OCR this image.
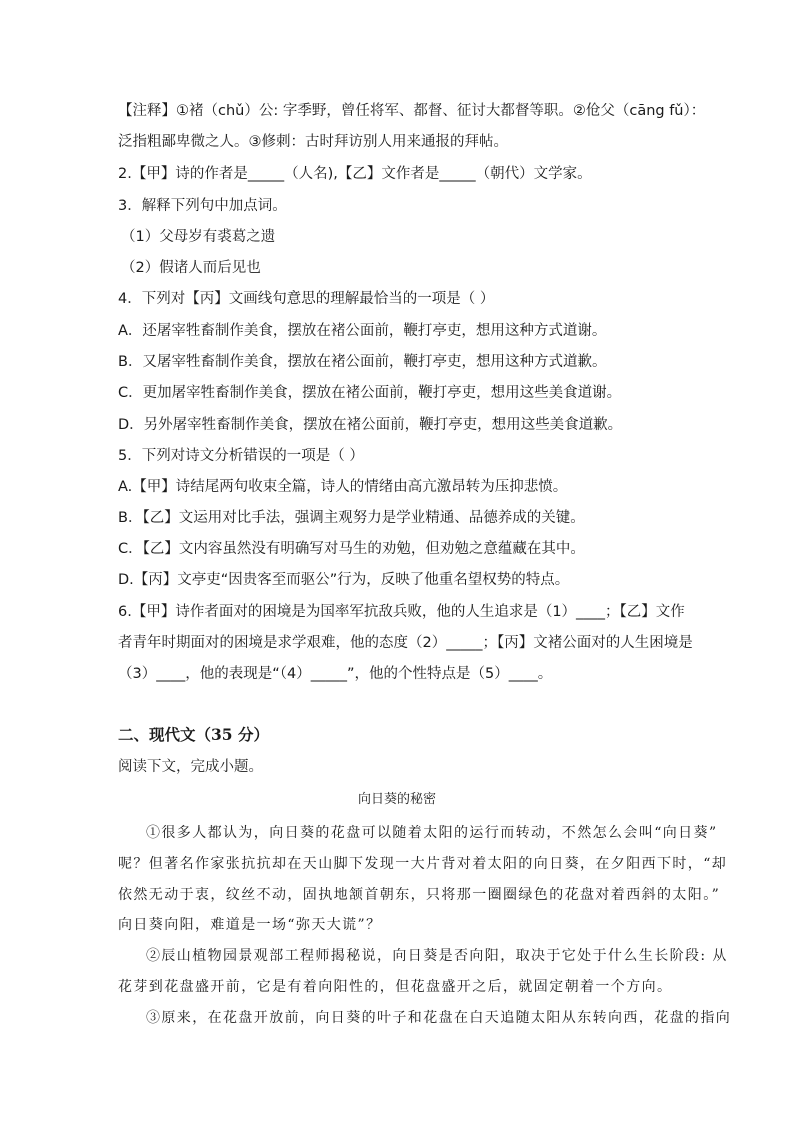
【注释】①褚（chǔ）公: 字季野，曾任将军、都督、征讨大都督等职。②伧父（cāng fǔ）：
泛指粗鄙卑微之人。③修刺：古时拜访别人用来通报的拜帖。
2.【甲】诗的作者是_____（人名),【乙】文作者是_____（朝代）文学家。
3．解释下列句中加点词。
（1）父母岁有裘葛之遗
（2）假诸人而后见也
4．下列对【丙】文画线句意思的理解最恰当的一项是（ ）
A．还屠宰牲畜制作美食，摆放在褚公面前，鞭打亭吏，想用这种方式道谢。
B．又屠宰牲畜制作美食，摆放在褚公面前，鞭打亭吏，想用这种方式道歉。
C．更加屠宰牲畜制作美食，摆放在褚公面前，鞭打亭吏，想用这些美食道谢。
D．另外屠宰牲畜制作美食，摆放在褚公面前，鞭打亭吏，想用这些美食道歉。
5．下列对诗文分析错误的一项是（ ）
A.【甲】诗结尾两句收束全篇，诗人的情绪由高亢激昂转为压抑悲愤。
B．【乙】文运用对比手法，强调主观努力是学业精通、品德养成的关键。
C．【乙】文内容虽然没有明确写对马生的劝勉，但劝勉之意蕴藏在其中。
D.【丙】文亭吏“因贵客至而驱公”行为，反映了他重名望权势的特点。
6.【甲】诗作者面对的困境是为国率军抗敌兵败，他的人生追求是（1）____；【乙】文作
者青年时期面对的困境是求学艰难，他的态度（2）_____；【丙】文褚公面对的人生困境是
（3）____，他的表现是“（4）_____”，他的个性特点是（5）____。
二、现代文（35 分）
阅读下文，完成小题。
向日葵的秘密
①很多人都认为，向日葵的花盘可以随着太阳的运行而转动，不然怎么会叫“向日葵”
呢？但著名作家张抗抗却在天山脚下发现一大片背对着太阳的向日葵，在夕阳西下时，“却
依然无动于衷，纹丝不动，固执地颔首朝东，只将那一圈圈绿色的花盘对着西斜的太阳。”
向日葵向阳，难道是一场“弥天大谎”？
②辰山植物园景观部工程师揭秘说，向日葵是否向阳，取决于它处于什么生长阶段: 从
花芽到花盘盛开前，它是有着向阳性的，但花盘盛开之后，就固定朝着一个方向。
③原来，在花盘开放前，向日葵的叶子和花盘在白天追随太阳从东转向西，花盘的指向
